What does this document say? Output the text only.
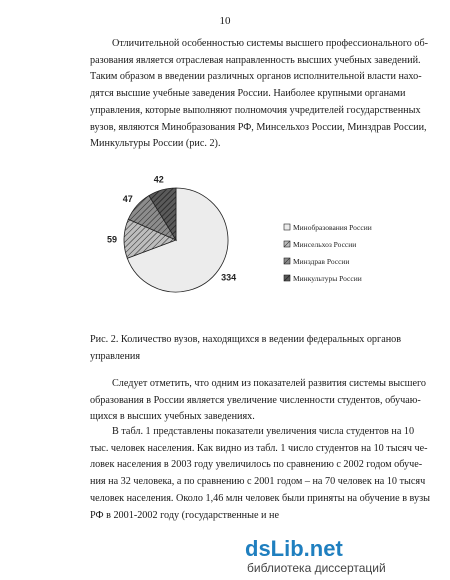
10

Отличительной особенностью системы высшего профессионального об-
разования является отраслевая направленность высших учебных заведений.
Таким образом в введении различных органов исполнительной власти нахо-
дятся высшие учебные заведения России. Наиболее крупными органами
управления, которые выполняют полномочия учредителей государственных
вузов, являются Минобразования РФ, Минсельхоз России, Минздрав России,
Минкультуры России (рис. 2).

334
59
47
42
Минобразования России
Минсельхоз России
Минздрав России
Минкультуры России
Рис. 2. Количество вузов, находящихся в ведении федеральных органов
управления

Следует отметить, что одним из показателей развития системы высшего
образования в России является увеличение численности студентов, обучаю-
щихся в высших учебных заведениях.

В табл. 1 представлены показатели увеличения числа студентов на 10
тыс. человек населения. Как видно из табл. 1 число студентов на 10 тысяч че-
ловек населения в 2003 году увеличилось по сравнению с 2002 годом обуче-
ния на 32 человека, а по сравнению с 2001 годом – на 70 человек на 10 тысяч
человек населения. Около 1,46 млн человек были приняты на обучение в вузы
РФ в 2001-2002 году (государственные и не

dsLib.net
библиотека диссертаций
